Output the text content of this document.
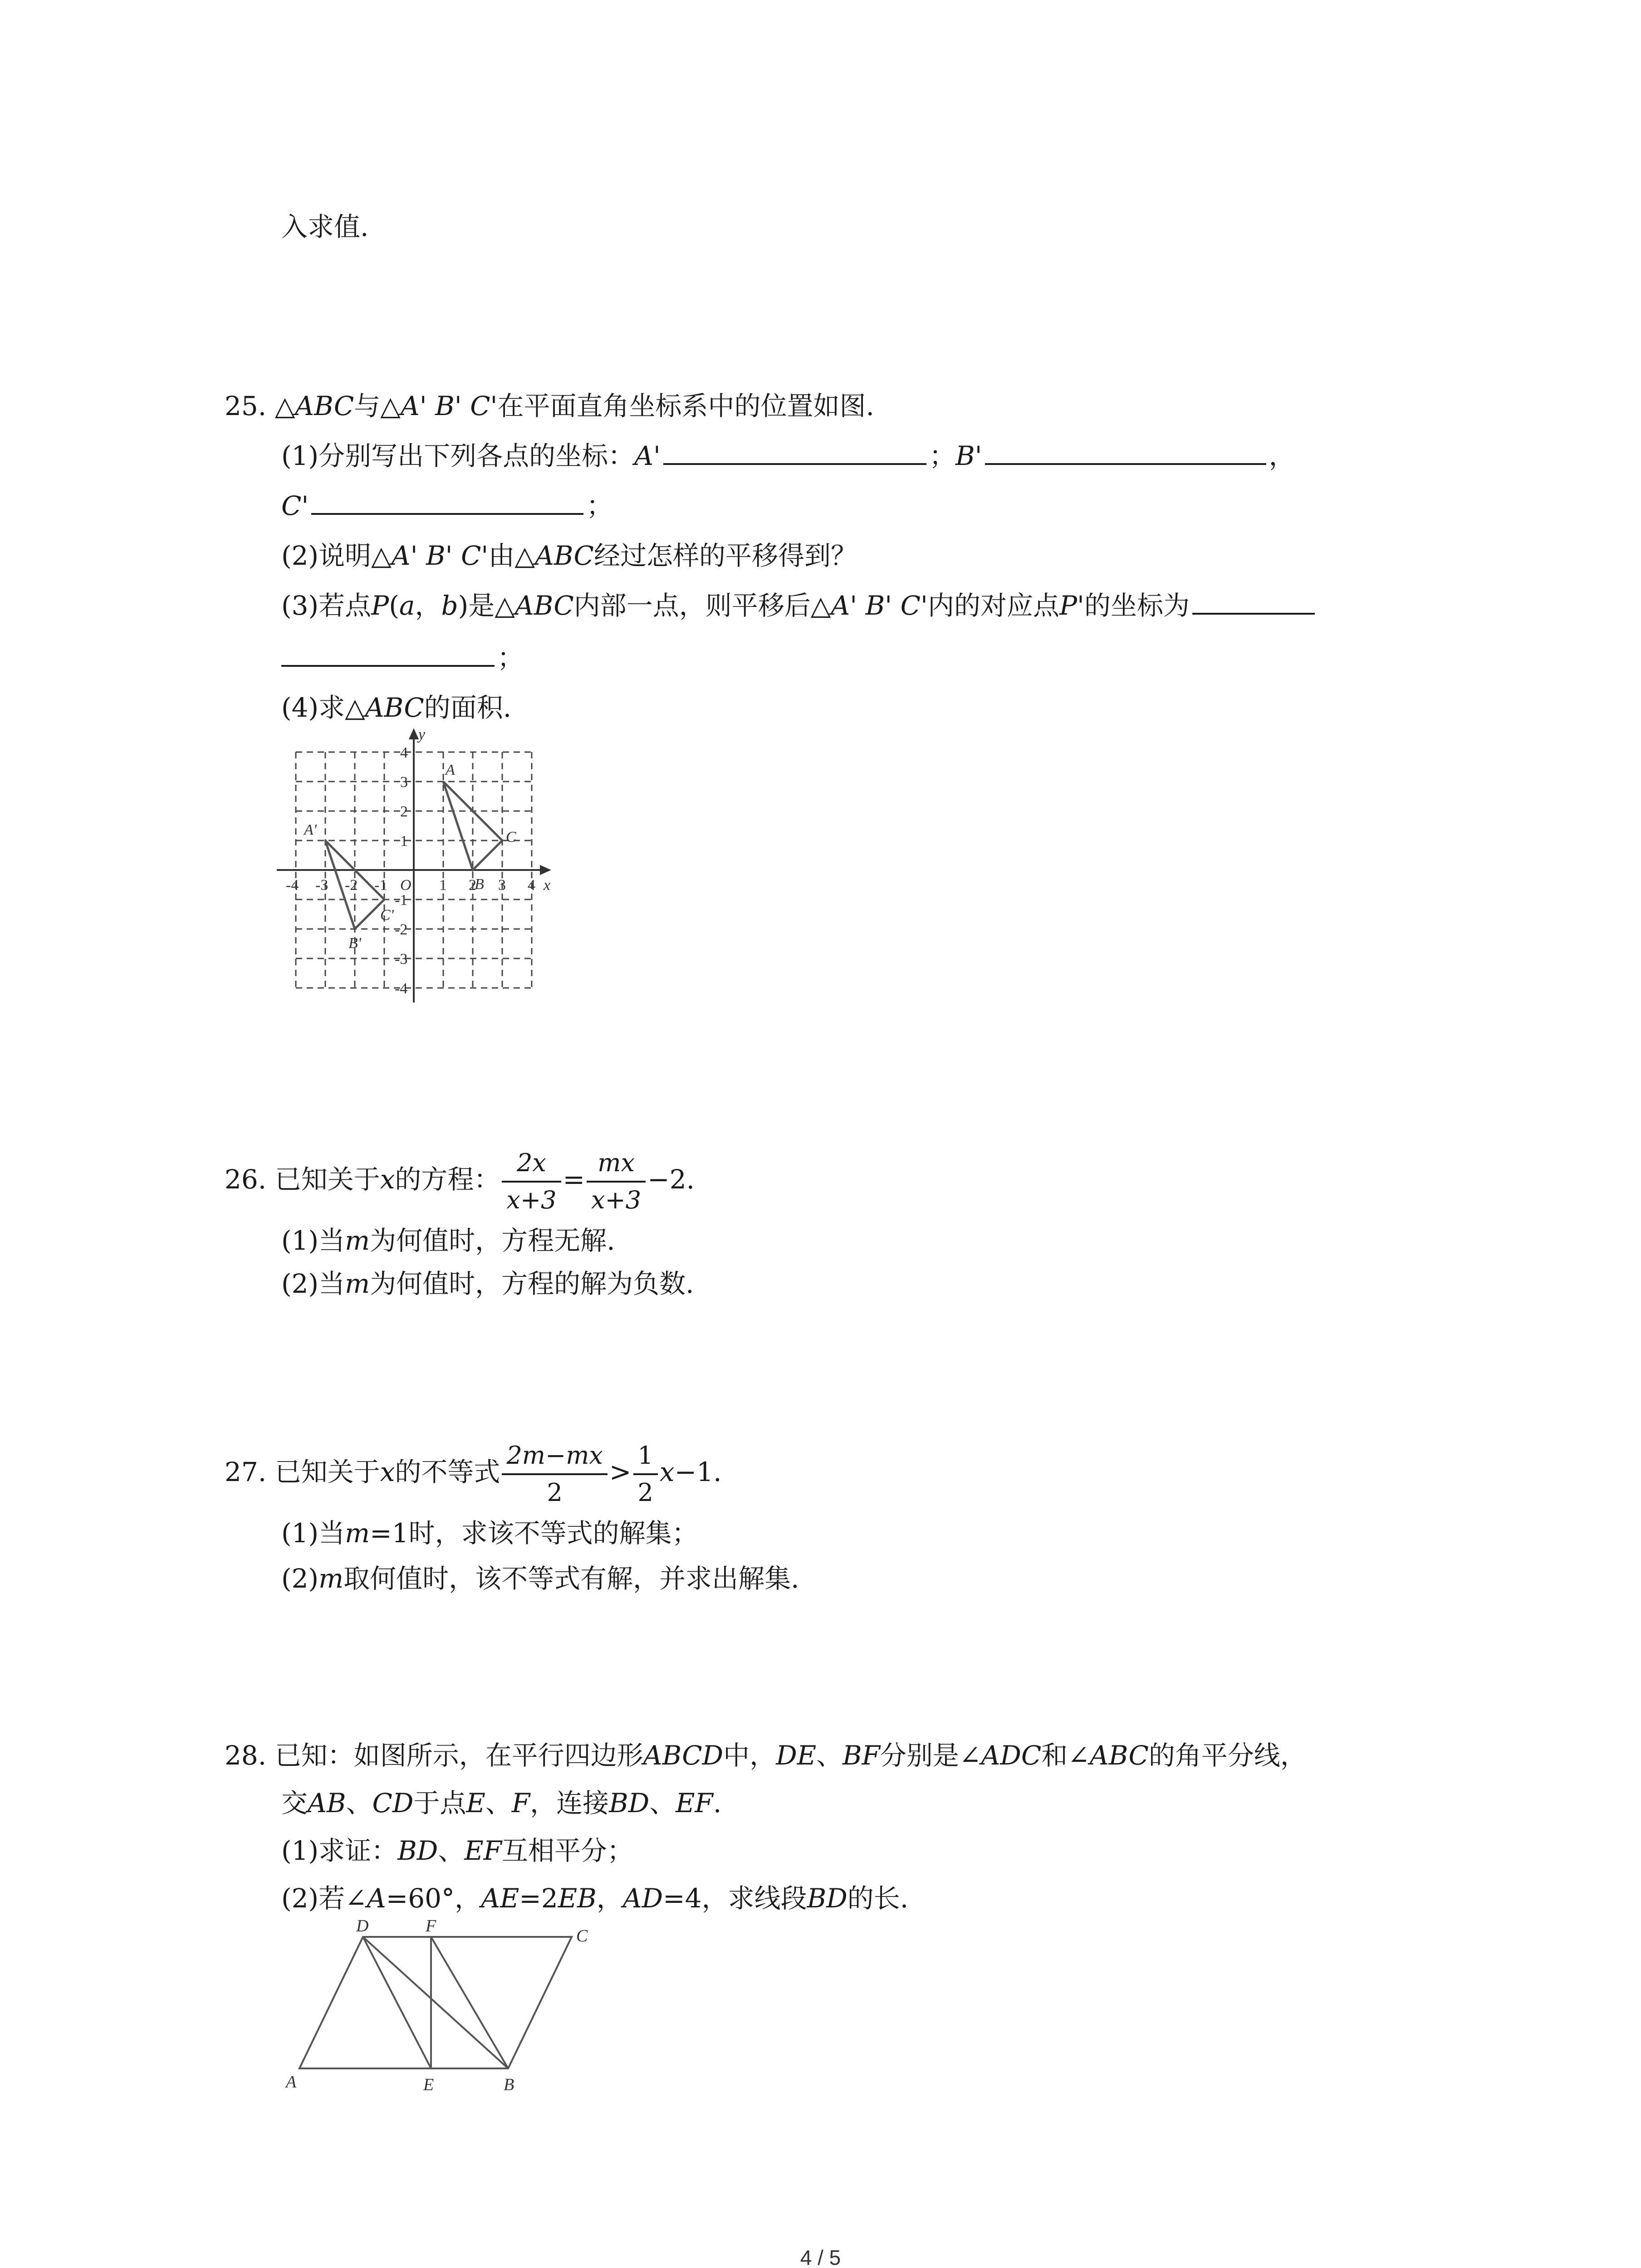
入求值.
25. △ABC与△A' B' C'在平面直角坐标系中的位置如图.
(1)分别写出下列各点的坐标：A'	；B'	，
C'	；
(2)说明△A' B' C'由△ABC经过怎样的平移得到？
(3)若点P(a，b)是△ABC内部一点，则平移后△A' B' C'内的对应点P'的坐标为
；
(4)求△ABC的面积.
-4 -3 -2 -1 O 1 2 3 4 x
y
4
3
2
1
-1
-2
-3
-4
A
B
C
A'
B'
C'
26. 已知关于x的方程： $\frac{2x}{x+3} = \frac{mx}{x+3} -2$.
(1)当m为何值时，方程无解.
(2)当m为何值时，方程的解为负数.
27. 已知关于x的不等式 $\frac{2m-mx}{2} > \frac{1}{2} x-1$.
(1)当m=1时，求该不等式的解集；
(2)m取何值时，该不等式有解，并求出解集.
28. 已知：如图所示，在平行四边形ABCD中，DE、BF分别是∠ADC和∠ABC的角平分线，
交AB、CD于点E、F，连接BD、EF.
(1)求证：BD、EF互相平分；
(2)若∠A=60°，AE=2EB，AD=4，求线段BD的长.
A	B
C
D
E
F
4 / 5
